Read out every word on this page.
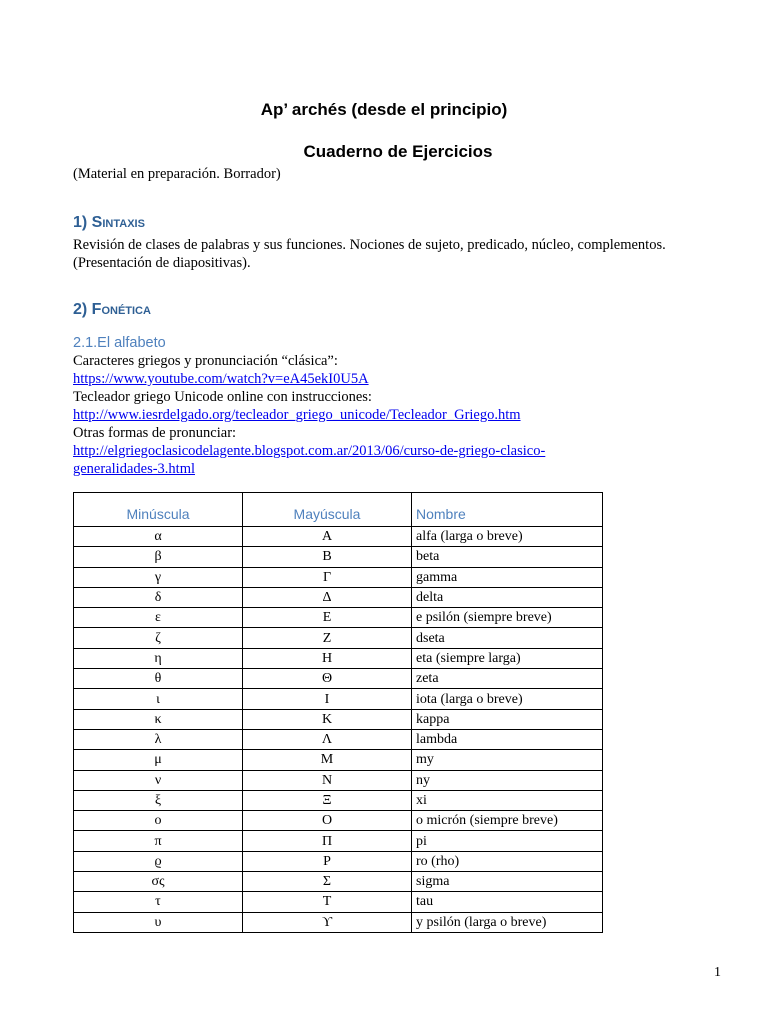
Ap’ archés (desde el principio)
Cuaderno de Ejercicios
(Material en preparación. Borrador)
1) Sintaxis
Revisión de clases de palabras y sus funciones. Nociones de sujeto, predicado, núcleo, complementos. (Presentación de diapositivas).
2) Fonética
2.1.El alfabeto
Caracteres griegos y pronunciación “clásica”:
https://www.youtube.com/watch?v=eA45ekI0U5A
Tecleador griego Unicode online con instrucciones:
http://www.iesrdelgado.org/tecleador_griego_unicode/Tecleador_Griego.htm
Otras formas de pronunciar:
http://elgriegoclasicodelagente.blogspot.com.ar/2013/06/curso-de-griego-clasico-
generalidades-3.html
Minúscula	Mayúscula	Nombre
α	Α	alfa (larga o breve)
β	Β	beta
γ	Γ	gamma
δ	Δ	delta
ε	Ε	e psilón (siempre breve)
ζ	Ζ	dseta
η	Η	eta (siempre larga)
θ	Θ	zeta
ι	Ι	iota (larga o breve)
κ	Κ	kappa
λ	Λ	lambda
μ	Μ	my
ν	Ν	ny
ξ	Ξ	xi
ο	Ο	o micrón (siempre breve)
π	Π	pi
ϱ	Ρ	ro (rho)
σς	Σ	sigma
τ	Τ	tau
υ	ϒ	y psilón (larga o breve)
1
